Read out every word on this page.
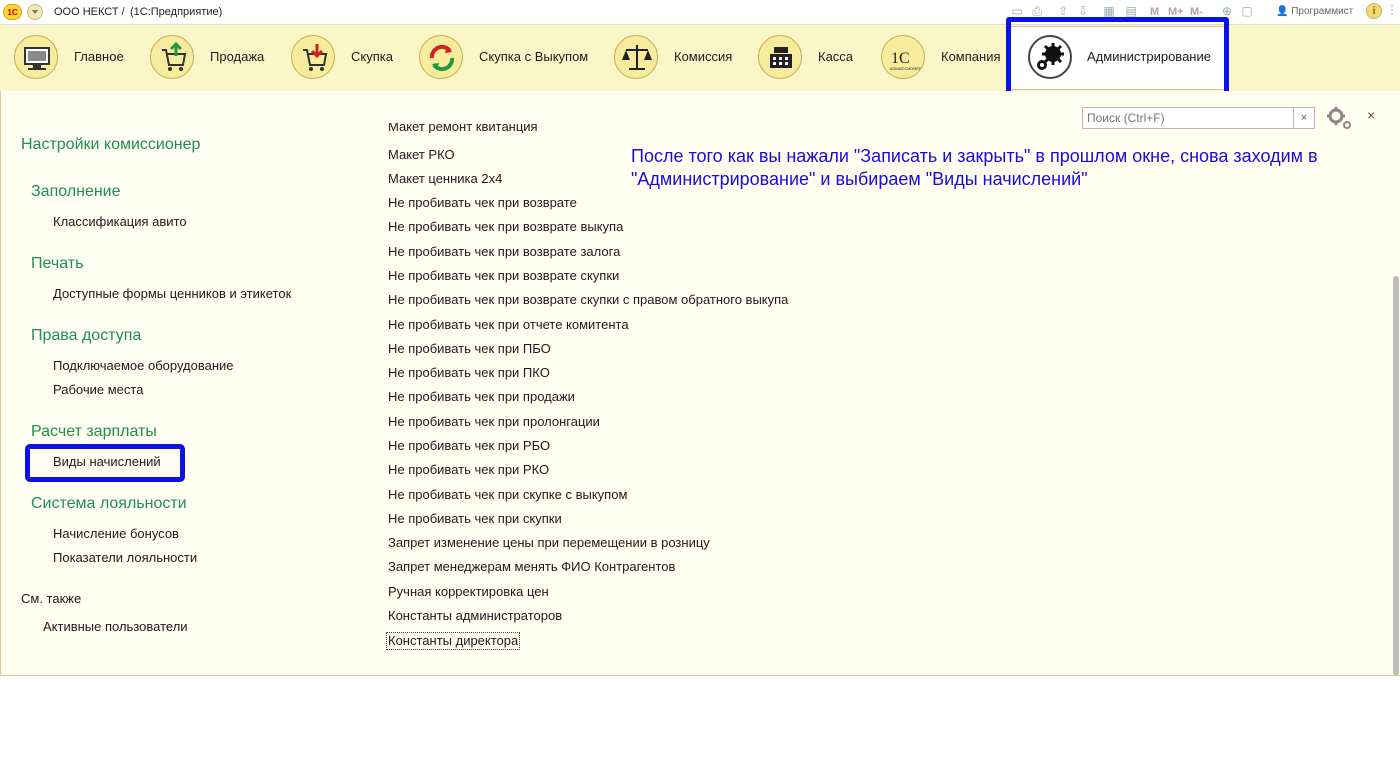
1С	ООО НЕКСТ / (1С:Предприятие)	▭ ⎙ ⇧ ⇩ ▦ ▤ M M+ M- ⊕ ▢ 👤 Программист	i ⋮
Главное	Продажа	Скупка	Скупка с Выкупом	Комиссия	Касса 1С
КОМИССИОНЕР
Компания	Администрирование
Поиск (Ctrl+F)
×	×
Настройки комиссионер
Заполнение
Классификация авито
Печать
Доступные формы ценников и этикеток
Права доступа
Подключаемое оборудование
Рабочие места
Расчет зарплаты
Виды начислений
Система лояльности
Начисление бонусов
Показатели лояльности
См. также
Активные пользователи
Макет ремонт квитанция
Макет РКО
Макет ценника 2х4
Не пробивать чек при возврате
Не пробивать чек при возврате выкупа
Не пробивать чек при возврате залога
Не пробивать чек при возврате скупки
Не пробивать чек при возврате скупки с правом обратного выкупа
Не пробивать чек при отчете комитента
Не пробивать чек при ПБО
Не пробивать чек при ПКО
Не пробивать чек при продажи
Не пробивать чек при пролонгации
Не пробивать чек при РБО
Не пробивать чек при РКО
Не пробивать чек при скупке с выкупом
Не пробивать чек при скупки
Запрет изменение цены при перемещении в розницу
Запрет менеджерам менять ФИО Контрагентов
Ручная корректировка цен
Константы администраторов
Константы директора
После того как вы нажали "Записать и закрыть" в прошлом окне, снова заходим в "Администрирование" и выбираем "Виды начислений"
